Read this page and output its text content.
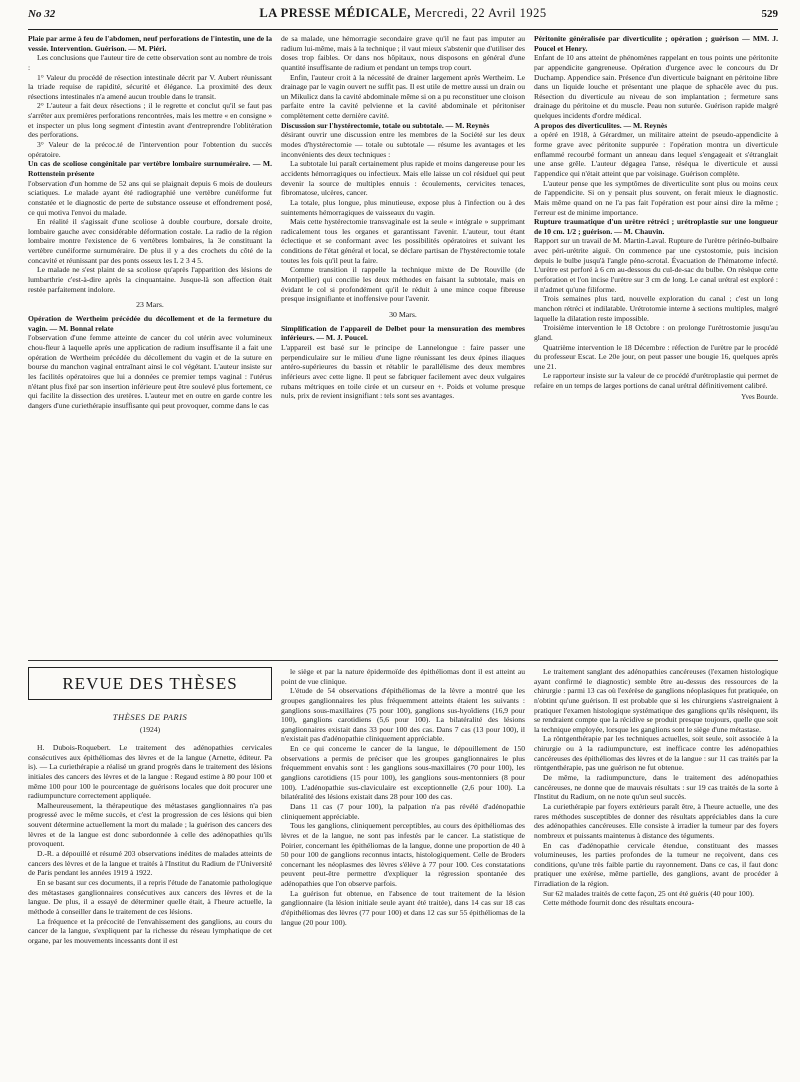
No 32	LA PRESSE MÉDICALE, Mercredi, 22 Avril 1925	529

Plaie par arme à feu de l'abdomen, neuf perforations de l'intestin, une de la vessie. Intervention. Guérison. — M. Piéri.

Les conclusions que l'auteur tire de cette observation sont au nombre de trois :

1° Valeur du procédé de résection intestinale décrit par V. Aubert réunissant la triade requise de rapidité, sécurité et élégance. La proximité des deux résections intestinales n'a amené aucun trouble dans le transit.

2° L'auteur a fait deux résections ; il le regrette et conclut qu'il se faut pas s'arrêter aux premières perforations rencontrées, mais les mettre « en consigne » et inspecter un plus long segment d'intestin avant d'entreprendre l'oblitération des perforations.

3° Valeur de la précoc.té de l'intervention pour l'obtention du succès opératoire.

Un cas de scoliose congénitale par vertèbre lombaire surnuméraire. — M. Rottenstein présente

l'observation d'un homme de 52 ans qui se plaignait depuis 6 mois de douleurs sciatiques. Le malade ayant été radiographié une vertèbre cunéiforme fut constatée et le diagnostic de perte de substance osseuse et effondrement posé, ce qui motiva l'envoi du malade.

En réalité il s'agissait d'une scoliose à double courbure, dorsale droite, lombaire gauche avec considérable déformation costale. La radio de la région lombaire montre l'existence de 6 vertèbres lombaires, la 3e constituant la vertèbre cunéiforme surnuméraire. De plus il y a des crochets du côté de la concavité et réunissant par des ponts osseux les L 2 3 4 5.

Le malade ne s'est plaint de sa scoliose qu'après l'apparition des lésions de lumbarthrie c'est-à-dire après la cinquantaine. Jusque-là son affection était restée parfaitement indolore.

23 Mars.

Opération de Wertheim précédée du décollement et de la fermeture du vagin. — M. Bonnal relate

l'observation d'une femme atteinte de cancer du col utérin avec volumineux chou-fleur à laquelle après une application de radium insuffisante il a fait une opération de Wertheim précédée du décollement du vagin et de la suture en bourse du manchon vaginal entraînant ainsi le col végétant. L'auteur insiste sur les facilités opératoires que lui a données ce premier temps vaginal : l'utérus n'étant plus fixé par son insertion inférieure peut être soulevé plus fortement, ce qui facilite la dissection des uretères. L'auteur met en outre en garde contre les dangers d'une curiethérapie insuffisante qui peut provoquer, comme dans le cas

de sa malade, une hémorragie secondaire grave qu'il ne faut pas imputer au radium lui-même, mais à la technique ; il vaut mieux s'abstenir que d'utiliser des doses trop faibles. Or dans nos hôpitaux, nous disposons en général d'une quantité insuffisante de radium et pendant un temps trop court.

Enfin, l'auteur croit à la nécessité de drainer largement après Wertheim. Le drainage par le vagin ouvert ne suffit pas. Il est utile de mettre aussi un drain ou un Mikulicz dans la cavité abdominale même si on a pu reconstituer une cloison parfaite entre la cavité pelvienne et la cavité abdominale et péritoniser complètement cette dernière cavité.

Discussion sur l'hystérectomie, totale ou subtotale. — M. Reynès

désirant ouvrir une discussion entre les membres de la Société sur les deux modes d'hystérectomie — totale ou subtotale — résume les avantages et les inconvénients des deux techniques :

La subtotale lui paraît certainement plus rapide et moins dangereuse pour les accidents hémorragiques ou infectieux. Mais elle laisse un col résiduel qui peut devenir la source de multiples ennuis : écoulements, cervicites tenaces, fibromatose, ulcères, cancer.

La totale, plus longue, plus minutieuse, expose plus à l'infection ou à des suintements hémorragiques de vaisseaux du vagin.

Mais cette hystérectomie transvaginale est la seule « intégrale » supprimant radicalement tous les organes et garantissant l'avenir. L'auteur, tout étant éclectique et se conformant avec les possibilités opératoires et suivant les conditions de l'état général et local, se déclare partisan de l'hystérectomie totale toutes les fois qu'il peut la faire.

Comme transition il rappelle la technique mixte de De Rouville (de Montpellier) qui concilie les deux méthodes en faisant la subtotale, mais en évidant le col si profondément qu'il le réduit à une mince coque fibreuse presque insignifiante et inoffensive pour l'avenir.

30 Mars.

Simplification de l'appareil de Delbet pour la mensuration des membres inférieurs. — M. J. Poucel.

L'appareil est basé sur le principe de Lannelongue : faire passer une perpendiculaire sur le milieu d'une ligne réunissant les deux épines iliaques antéro-supérieures du bassin et rétablir le parallélisme des deux membres inférieurs avec cette ligne. Il peut se fabriquer facilement avec deux vulgaires rubans métriques en toile cirée et un curseur en +. Poids et volume presque nuls, prix de revient insignifiant : tels sont ses avantages.

Péritonite généralisée par diverticulite ; opération ; guérison — MM. J. Poucel et Henry.

Enfant de 10 ans atteint de phénomènes rappelant en tous points une péritonite par appendicite gangreneuse. Opération d'urgence avec le concours du Dr Duchamp. Appendice sain. Présence d'un diverticule baignant en péritoine libre dans un liquide louche et présentant une plaque de sphacèle avec du pus. Résection du diverticule au niveau de son implantation ; fermeture sans drainage du péritoine et du muscle. Peau non suturée. Guérison rapide malgré quelques incidents d'ordre médical.

A propos des diverticulites. — M. Reynès

a opéré en 1918, à Gérardmer, un militaire atteint de pseudo-appendicite à forme grave avec péritonite suppurée : l'opération montra un diverticule enflammé recourbé formant un anneau dans lequel s'engageait et s'étranglait une anse grêle. L'auteur dégagea l'anse, réséqua le diverticule et aussi l'appendice qui n'était atteint que par voisinage. Guérison complète.

L'auteur pense que les symptômes de diverticulite sont plus ou moins ceux de l'appendicite. Si on y pensait plus souvent, on ferait mieux le diagnostic. Mais même quand on ne l'a pas fait l'opération est pour ainsi dire la même ; l'erreur est de minime importance.

Rupture traumatique d'un urètre rétréci ; urétroplastie sur une longueur de 10 cm. 1/2 ; guérison. — M. Chauvin.

Rapport sur un travail de M. Martin-Laval. Rupture de l'urètre périnéo-bulbaire avec péri-urétrite aiguë. On commence par une cystostomie, puis incision depuis le bulbe jusqu'à l'angle péno-scrotal. Évacuation de l'hématome infecté. L'urètre est perforé à 6 cm au-dessous du cul-de-sac du bulbe. On résèque cette perforation et l'on incise l'urètre sur 3 cm de long. Le canal urétral est exploré : il n'admet qu'une filiforme.

Trois semaines plus tard, nouvelle exploration du canal ; c'est un long manchon rétréci et indilatable. Urétrotomie interne à sections multiples, malgré laquelle la dilatation reste impossible.

Troisième intervention le 18 Octobre : on prolonge l'urétrostomie jusqu'au gland.

Quatrième intervention le 18 Décembre : réfection de l'urètre par le procédé du professeur Escat. Le 20e jour, on peut passer une bougie 16, quelques après une 21.

Le rapporteur insiste sur la valeur de ce procédé d'urétroplastie qui permet de refaire en un temps de larges portions de canal urétral définitivement calibré.

Yves Bourde.

REVUE DES THÈSES

THÈSES DE PARIS

(1924)

H. Dubois-Roquebert. Le traitement des adénopathies cervicales consécutives aux épithéliomas des lèvres et de la langue (Arnette, éditeur. Pa is). — La curiethérapie a réalisé un grand progrès dans le traitement des lésions initiales des cancers des lèvres et de la langue : Regaud estime à 80 pour 100 et même 100 pour 100 le pourcentage de guérisons locales que doit procurer une radiumpuncture correctement appliquée.

Malheureusement, la thérapeutique des métastases ganglionnaires n'a pas progressé avec le même succès, et c'est la progression de ces lésions qui bien souvent détermine actuellement la mort du malade ; la guérison des cancers des lèvres et de la langue est donc subordonnée à celle des adénopathies qu'ils provoquent.

D.-R. a dépouillé et résumé 203 observations inédites de malades atteints de cancers des lèvres et de la langue et traités à l'Institut du Radium de l'Université de Paris pendant les années 1919 à 1922.

En se basant sur ces documents, il a repris l'étude de l'anatomie pathologique des métastases ganglionnaires consécutives aux cancers des lèvres et de la langue. De plus, il a essayé de déterminer quelle était, à l'heure actuelle, la méthode à conseiller dans le traitement de ces lésions.

La fréquence et la précocité de l'envahissement des ganglions, au cours du cancer de la langue, s'expliquent par la richesse du réseau lymphatique de cet organe, par les mouvements incessants dont il est

le siège et par la nature épidermoïde des épithéliomas dont il est atteint au point de vue clinique.

L'étude de 54 observations d'épithéliomas de la lèvre a montré que les groupes ganglionnaires les plus fréquemment atteints étaient les suivants : ganglions sous-maxillaires (75 pour 100), ganglions sus-hyoïdiens (16,9 pour 100), ganglions carotidiens (5,6 pour 100). La bilatéralité des lésions ganglionnaires existait dans 33 pour 100 des cas. Dans 7 cas (13 pour 100), il n'existait pas d'adénopathie cliniquement appréciable.

En ce qui concerne le cancer de la langue, le dépouillement de 150 observations a permis de préciser que les groupes ganglionnaires le plus fréquemment envahis sont : les ganglions sous-maxillaires (70 pour 100), les ganglions carotidiens (15 pour 100), les ganglions sous-mentonniers (8 pour 100). L'adénopathie sus-claviculaire est exceptionnelle (2,6 pour 100). La bilatéralité des lésions existait dans 28 pour 100 des cas.

Dans 11 cas (7 pour 100), la palpation n'a pas révélé d'adénopathie cliniquement appréciable.

Tous les ganglions, cliniquement perceptibles, au cours des épithéliomas des lèvres et de la langue, ne sont pas infestés par le cancer. La statistique de Poirier, concernant les épithéliomas de la langue, donne une proportion de 40 à 50 pour 100 de ganglions reconnus intacts, histologiquement. Celle de Broders concernant les néoplasmes des lèvres s'élève à 77 pour 100. Ces constatations peuvent peut-être permettre d'expliquer la régression spontanée des adénopathies que l'on observe parfois.

La guérison fut obtenue, en l'absence de tout traitement de la lésion ganglionnaire (la lésion initiale seule ayant été traitée), dans 14 cas sur 18 cas d'épithéliomas des lèvres (77 pour 100) et dans 12 cas sur 55 épithéliomas de la langue (20 pour 100).

Le traitement sanglant des adénopathies cancéreuses (l'examen histologique ayant confirmé le diagnostic) semble être au-dessus des ressources de la chirurgie : parmi 13 cas où l'exérèse de ganglions néoplasiques fut pratiquée, on n'obtint qu'une guérison. Il est probable que si les chirurgiens s'astreignaient à pratiquer l'examen histologique systématique des ganglions qu'ils résèquent, ils se rendraient compte que la récidive se produit presque toujours, quelle que soit la technique employée, lorsque les ganglions sont le siège d'une métastase.

La röntgenthérapie par les techniques actuelles, soit seule, soit associée à la chirurgie ou à la radiumpuncture, est inefficace contre les adénopathies cancéreuses des épithéliomas des lèvres et de la langue : sur 11 cas traités par la röntgenthérapie, pas une guérison ne fut obtenue.

De même, la radiumpuncture, dans le traitement des adénopathies cancéreuses, ne donne que de mauvais résultats : sur 19 cas traités de la sorte à l'Institut du Radium, on ne note qu'un seul succès.

La curiethérapie par foyers extérieurs paraît être, à l'heure actuelle, une des rares méthodes susceptibles de donner des résultats appréciables dans la cure des adénopathies cancéreuses. Elle consiste à irradier la tumeur par des foyers nombreux et puissants maintenus à distance des téguments.

En cas d'adénopathie cervicale étendue, constituant des masses volumineuses, les parties profondes de la tumeur ne reçoivent, dans ces conditions, qu'une très faible partie du rayonnement. Dans ce cas, il faut donc pratiquer une exérèse, même partielle, des ganglions, avant de procéder à l'irradiation de la région.

Sur 62 malades traités de cette façon, 25 ont été guéris (40 pour 100).

Cette méthode fournit donc des résultats encoura-
